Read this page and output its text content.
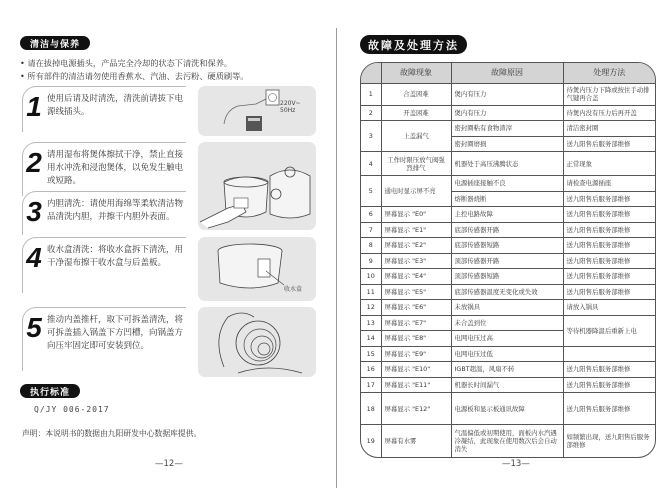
清洁与保养
• 请在拔掉电源插头，产品完全冷却的状态下清洗和保养。
• 所有部件的清洁请勿使用香蕉水、汽油、去污粉、硬质刷等。
1 使用后请及时清洗，清洗前请拔下电源线插头。
220V~ 50Hz
2 请用湿布将煲体擦拭干净，禁止直接用水冲洗和浸泡煲体，以免发生触电或短路。
3 内胆清洗：请使用海绵等柔软清洁物品清洗内胆，并擦干内胆外表面。
4 收水盒清洗：将收水盒拆下清洗，用干净湿布擦干收水盒与后盖板。
收水盒
5 推动内盖推杆，取下可拆盖清洗，将可拆盖插入锅盖下方凹槽，向锅盖方向压牢固定即可安装到位。
执行标准
Q/JY 006-2017
声明：本说明书的数据由九阳研发中心数据库提供。
—12—
故障及处理方法
	故障现象	故障原因	处理方法
1	合盖困难	煲内有压力	待煲内压力下降或按住手动排气键再合盖
2	开盖困难	煲内有压力	待煲内没有压力后再开盖
3	上盖漏气	密封圈粘有食物渣滓	清洁密封圈
		密封圈磨损	送九阳售后服务部维修
4	工作时限压放气阀强烈排气	机器处于高压沸腾状态	正常现象
5	通电时显示屏不亮	电源插座接触不良	请检查电源插座
		熔断器烧断	送九阳售后服务部维修
6	屏幕显示 "E0"	主控电路故障	送九阳售后服务部维修
7	屏幕显示 "E1"	底部传感器开路	送九阳售后服务部维修
8	屏幕显示 "E2"	底部传感器短路	送九阳售后服务部维修
9	屏幕显示 "E3"	顶部传感器开路	送九阳售后服务部维修
10	屏幕显示 "E4"	顶部传感器短路	送九阳售后服务部维修
11	屏幕显示 "E5"	底部传感器温度无变化或失效	送九阳售后服务部维修
12	屏幕显示 "E6"	未放锅具	请放入锅具
13	屏幕显示 "E7"	未合盖到位	等待机器降温后重新上电
14	屏幕显示 "E8"	电网电压过高	
15	屏幕显示 "E9"	电网电压过低	
16	屏幕显示 "E10"	IGBT超温，风扇不转	送九阳售后服务部维修
17	屏幕显示 "E11"	机器长时间漏气	送九阳售后服务部维修
18	屏幕显示 "E12"	电源板和显示板通讯故障	送九阳售后服务部维修
19	屏幕有水雾	气温偏低或初期使用，面板内水汽遇冷凝结，此现象在使用数次后会自动消失	如频繁出现，送九阳售后服务部维修
—13—
